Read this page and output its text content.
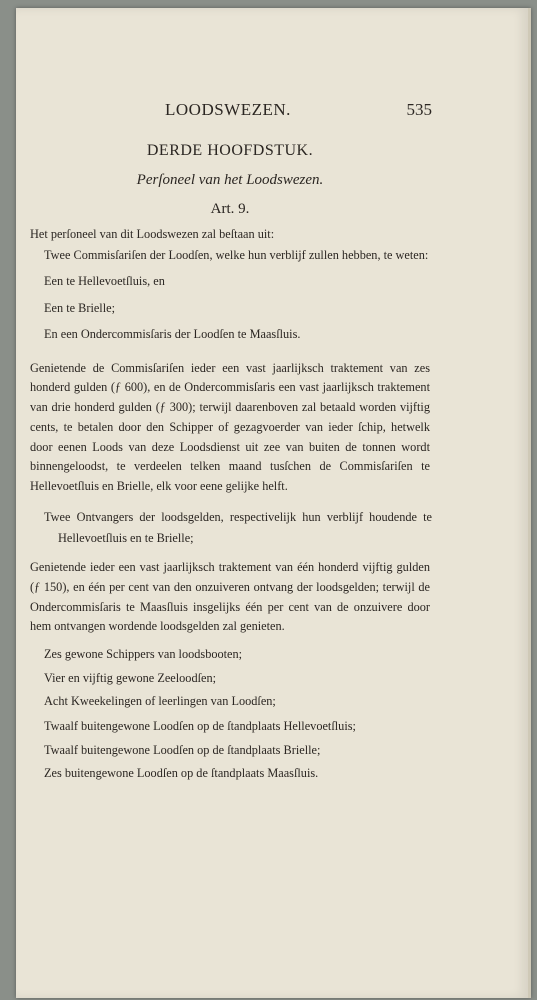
LOODSWEZEN.	535
DERDE HOOFDSTUK.
Perſoneel van het Loodswezen.
Art. 9.
Het perſoneel van dit Loodswezen zal beſtaan uit:
Twee Commisſariſen der Loodſen, welke hun verblijf zullen hebben, te weten:
Een te Hellevoetſluis, en
Een te Brielle;
En een Ondercommisſaris der Loodſen te Maasſluis.
Genietende de Commisſariſen ieder een vast jaarlijksch traktement van zes honderd gulden (ƒ 600), en de Ondercommisſaris een vast jaarlijksch traktement van drie honderd gulden (ƒ 300); terwijl daarenboven zal betaald worden vijftig cents, te betalen door den Schipper of gezagvoerder van ieder ſchip, hetwelk door eenen Loods van deze Loodsdienst uit zee van buiten de tonnen wordt binnengeloodst, te verdeelen telken maand tusſchen de Commisſariſen te Hellevoetſluis en Brielle, elk voor eene gelijke helft.
Twee Ontvangers der loodsgelden, respectivelijk hun verblijf houdende te Hellevoetſluis en te Brielle;
Genietende ieder een vast jaarlijksch traktement van één honderd vijftig gulden (ƒ 150), en één per cent van den onzuiveren ontvang der loodsgelden; terwijl de Ondercommisſaris te Maasſluis insgelijks één per cent van de onzuivere door hem ontvangen wordende loodsgelden zal genieten.
Zes gewone Schippers van loodsbooten;
Vier en vijftig gewone Zeeloodſen;
Acht Kweekelingen of leerlingen van Loodſen;
Twaalf buitengewone Loodſen op de ſtandplaats Hellevoetſluis;
Twaalf buitengewone Loodſen op de ſtandplaats Brielle;
Zes buitengewone Loodſen op de ſtandplaats Maasſluis.
